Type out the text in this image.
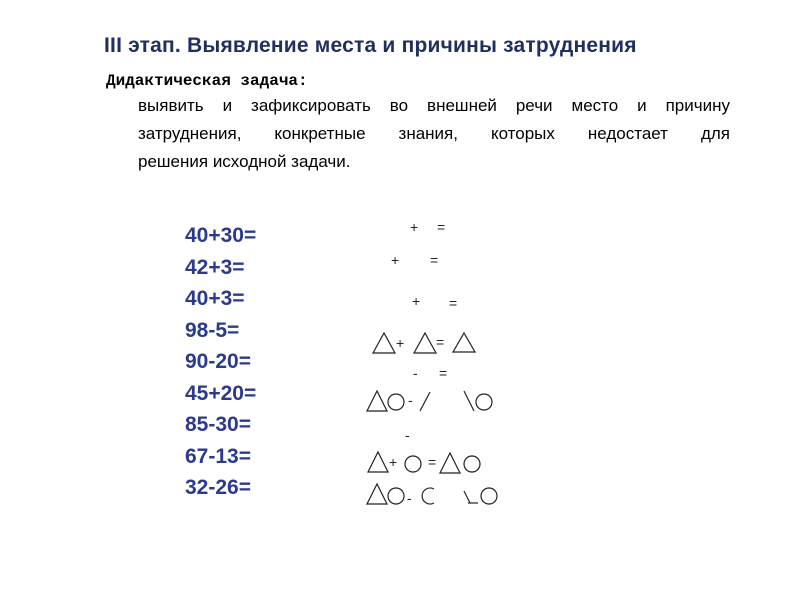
III этап. Выявление места и причины затруднения
Дидактическая задача:
выявить и зафиксировать во внешней речи место и причину
затруднения, конкретные знания, которых недостает для
решения исходной задачи.
40+30=
42+3=
40+3=
98-5=
90-20=
45+20=
85-30=
67-13=
32-26=
+ =
+ =
+ =
+ =
- =
-
-
+ =
-
